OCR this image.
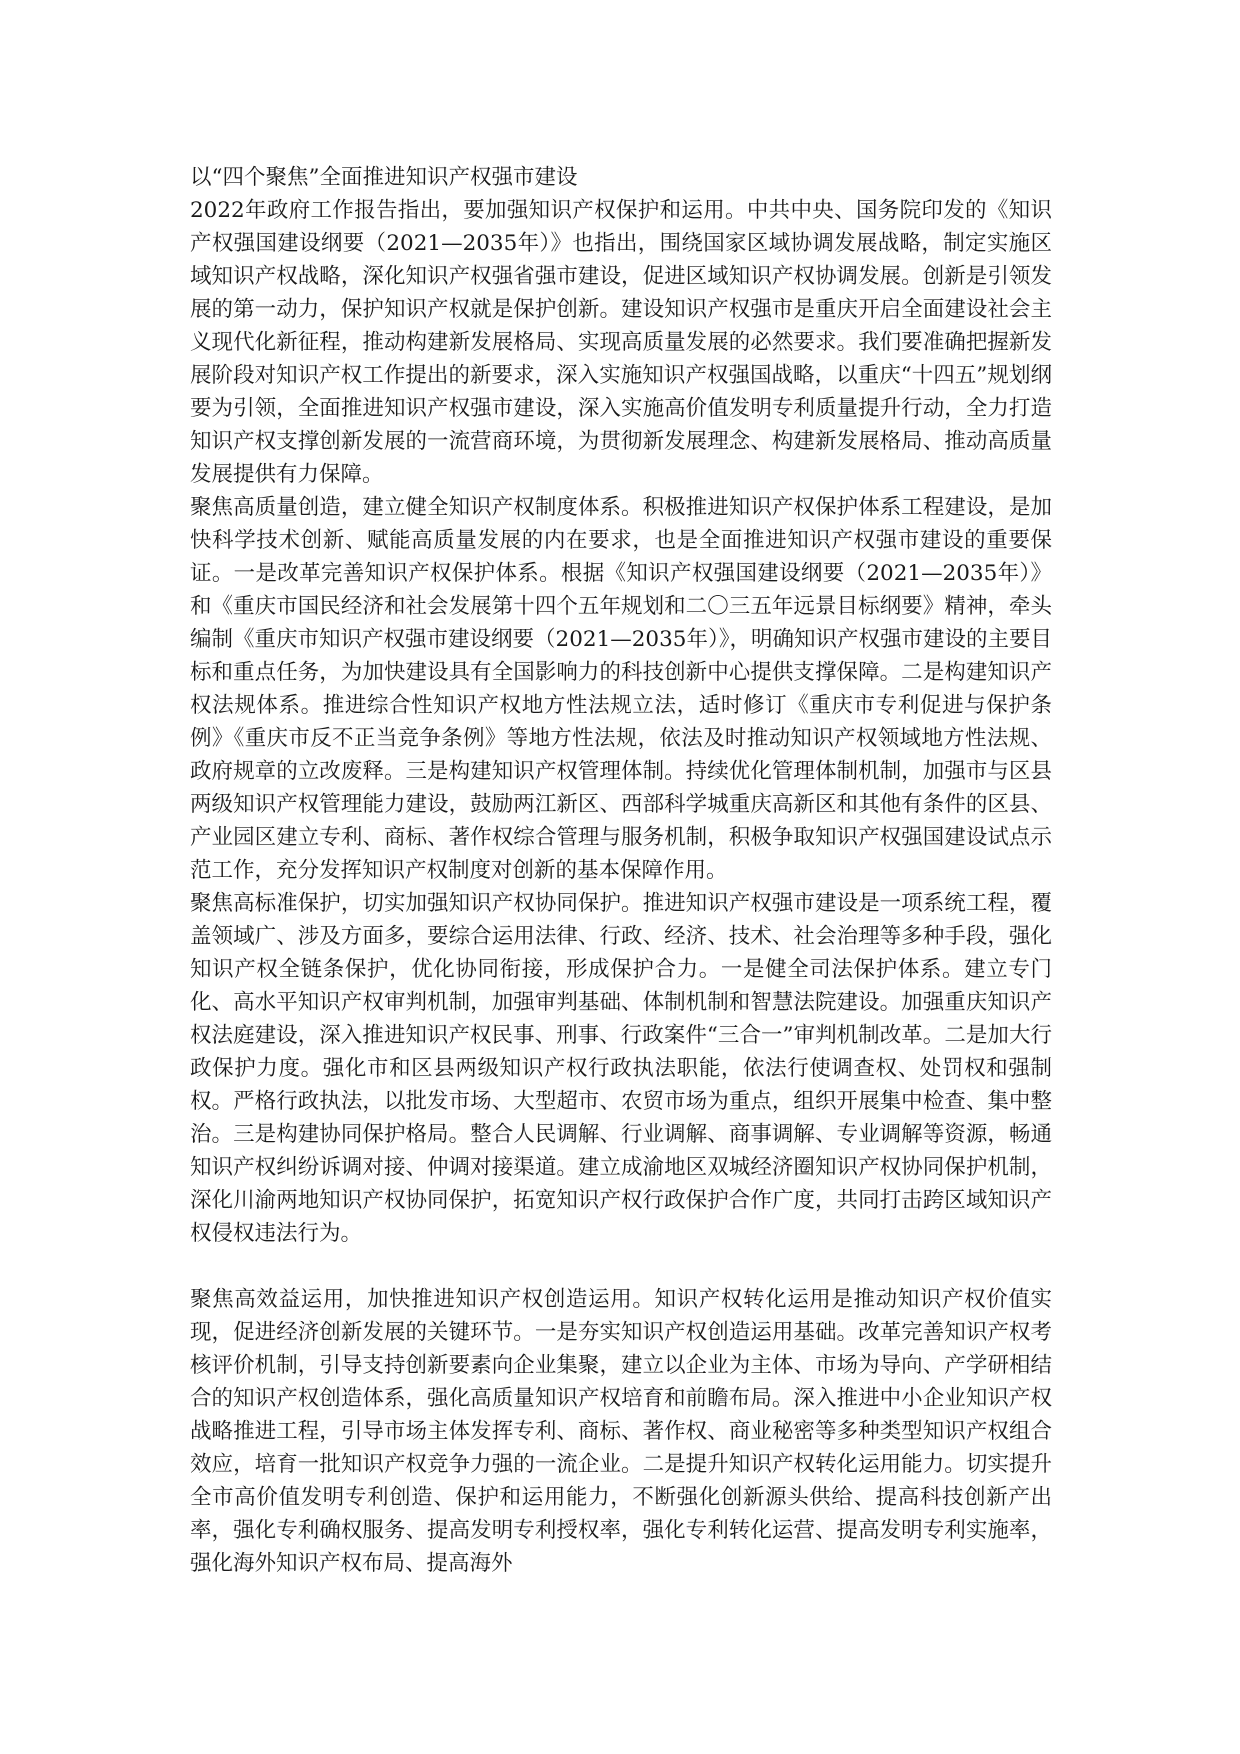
以“四个聚焦”全面推进知识产权强市建设

2022年政府工作报告指出，要加强知识产权保护和运用。中共中央、国务院印发的《知识产权强国建设纲要（2021—2035年）》也指出，围绕国家区域协调发展战略，制定实施区域知识产权战略，深化知识产权强省强市建设，促进区域知识产权协调发展。创新是引领发展的第一动力，保护知识产权就是保护创新。建设知识产权强市是重庆开启全面建设社会主义现代化新征程，推动构建新发展格局、实现高质量发展的必然要求。我们要准确把握新发展阶段对知识产权工作提出的新要求，深入实施知识产权强国战略，以重庆“十四五”规划纲要为引领，全面推进知识产权强市建设，深入实施高价值发明专利质量提升行动，全力打造知识产权支撑创新发展的一流营商环境，为贯彻新发展理念、构建新发展格局、推动高质量发展提供有力保障。

聚焦高质量创造，建立健全知识产权制度体系。积极推进知识产权保护体系工程建设，是加快科学技术创新、赋能高质量发展的内在要求，也是全面推进知识产权强市建设的重要保证。一是改革完善知识产权保护体系。根据《知识产权强国建设纲要（2021—2035年）》和《重庆市国民经济和社会发展第十四个五年规划和二〇三五年远景目标纲要》精神，牵头编制《重庆市知识产权强市建设纲要（2021—2035年）》，明确知识产权强市建设的主要目标和重点任务，为加快建设具有全国影响力的科技创新中心提供支撑保障。二是构建知识产权法规体系。推进综合性知识产权地方性法规立法，适时修订《重庆市专利促进与保护条例》《重庆市反不正当竞争条例》等地方性法规，依法及时推动知识产权领域地方性法规、政府规章的立改废释。三是构建知识产权管理体制。持续优化管理体制机制，加强市与区县两级知识产权管理能力建设，鼓励两江新区、西部科学城重庆高新区和其他有条件的区县、产业园区建立专利、商标、著作权综合管理与服务机制，积极争取知识产权强国建设试点示范工作，充分发挥知识产权制度对创新的基本保障作用。

聚焦高标准保护，切实加强知识产权协同保护。推进知识产权强市建设是一项系统工程，覆盖领域广、涉及方面多，要综合运用法律、行政、经济、技术、社会治理等多种手段，强化知识产权全链条保护，优化协同衔接，形成保护合力。一是健全司法保护体系。建立专门化、高水平知识产权审判机制，加强审判基础、体制机制和智慧法院建设。加强重庆知识产权法庭建设，深入推进知识产权民事、刑事、行政案件“三合一”审判机制改革。二是加大行政保护力度。强化市和区县两级知识产权行政执法职能，依法行使调查权、处罚权和强制权。严格行政执法，以批发市场、大型超市、农贸市场为重点，组织开展集中检查、集中整治。三是构建协同保护格局。整合人民调解、行业调解、商事调解、专业调解等资源，畅通知识产权纠纷诉调对接、仲调对接渠道。建立成渝地区双城经济圈知识产权协同保护机制，深化川渝两地知识产权协同保护，拓宽知识产权行政保护合作广度，共同打击跨区域知识产权侵权违法行为。

聚焦高效益运用，加快推进知识产权创造运用。知识产权转化运用是推动知识产权价值实现，促进经济创新发展的关键环节。一是夯实知识产权创造运用基础。改革完善知识产权考核评价机制，引导支持创新要素向企业集聚，建立以企业为主体、市场为导向、产学研相结合的知识产权创造体系，强化高质量知识产权培育和前瞻布局。深入推进中小企业知识产权战略推进工程，引导市场主体发挥专利、商标、著作权、商业秘密等多种类型知识产权组合效应，培育一批知识产权竞争力强的一流企业。二是提升知识产权转化运用能力。切实提升全市高价值发明专利创造、保护和运用能力，不断强化创新源头供给、提高科技创新产出率，强化专利确权服务、提高发明专利授权率，强化专利转化运营、提高发明专利实施率，强化海外知识产权布局、提高海外
